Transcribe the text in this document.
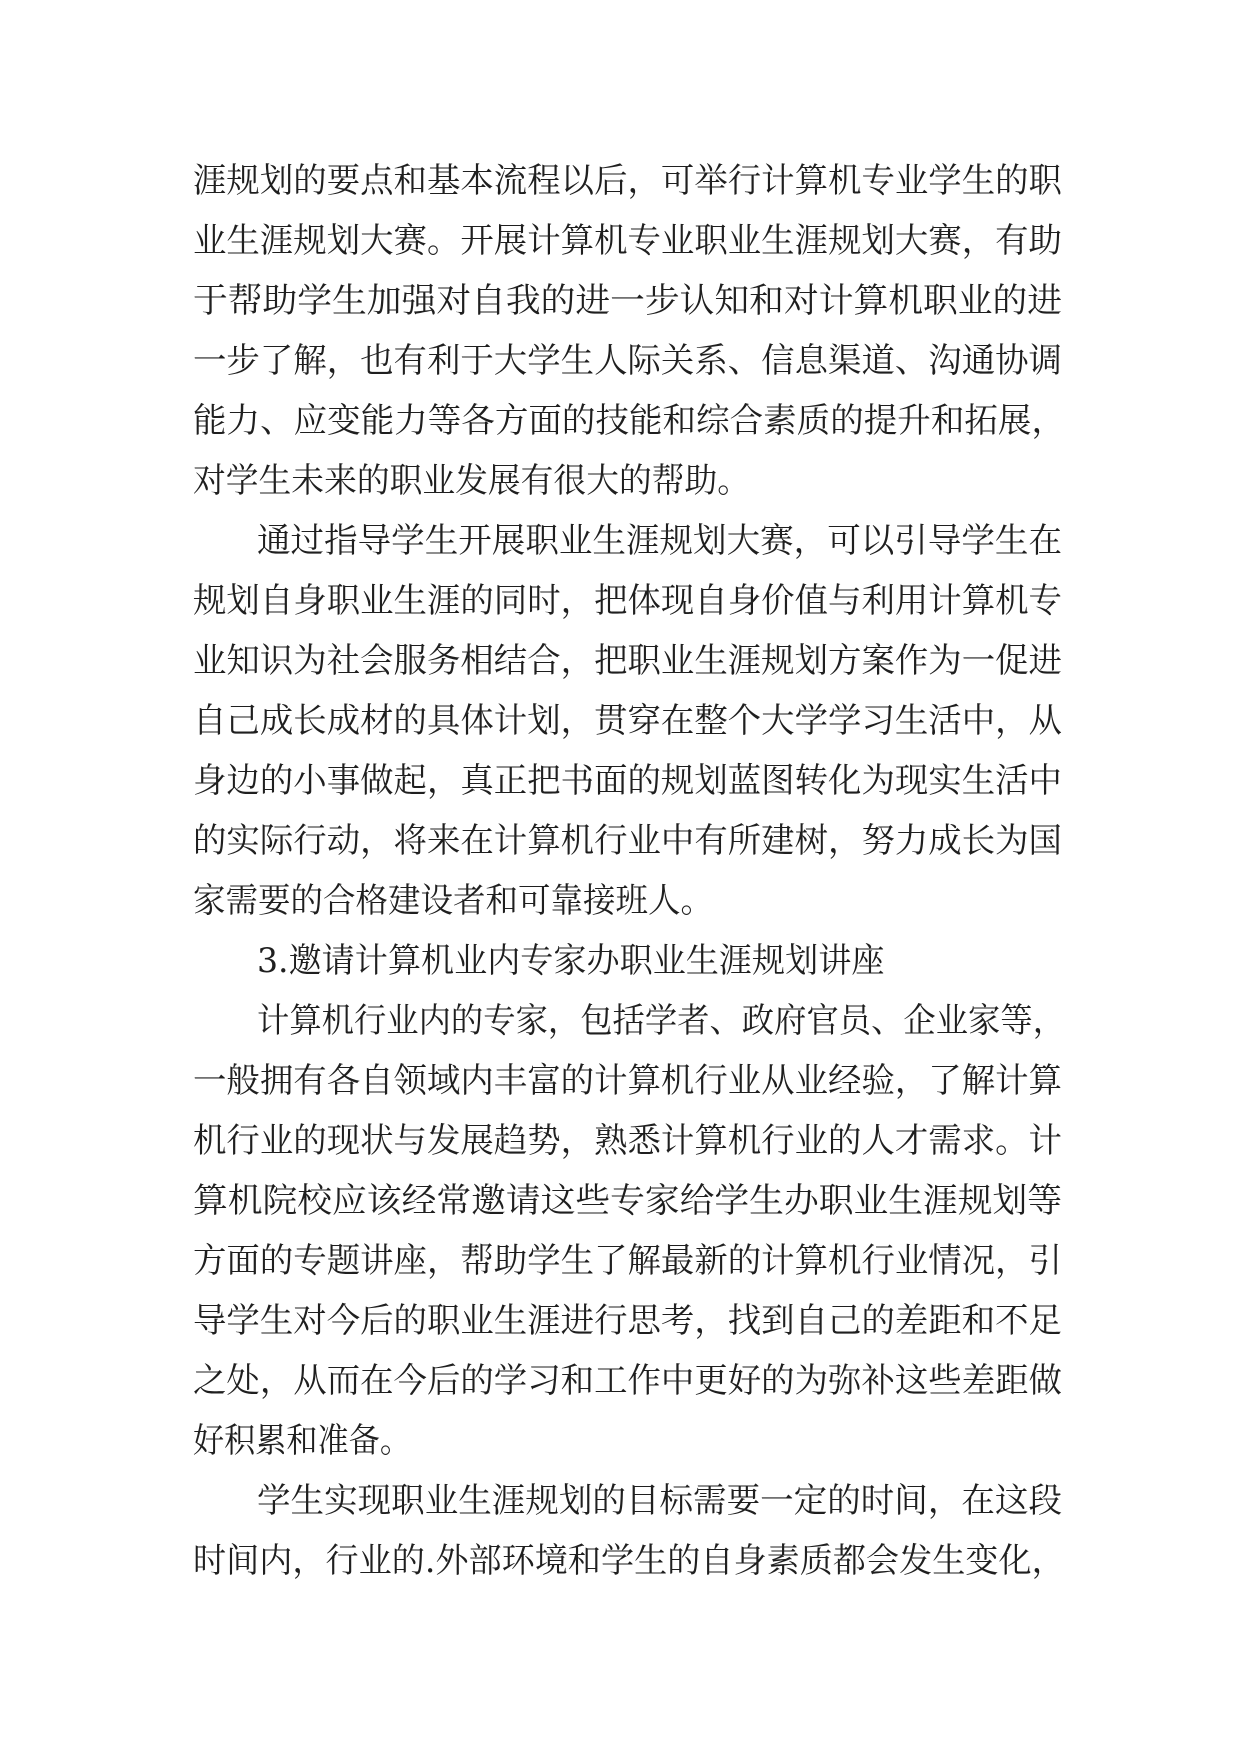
涯规划的要点和基本流程以后，可举行计算机专业学生的职

业生涯规划大赛。开展计算机专业职业生涯规划大赛，有助

于帮助学生加强对自我的进一步认知和对计算机职业的进

一步了解，也有利于大学生人际关系、信息渠道、沟通协调

能力、应变能力等各方面的技能和综合素质的提升和拓展，

对学生未来的职业发展有很大的帮助。

通过指导学生开展职业生涯规划大赛，可以引导学生在

规划自身职业生涯的同时，把体现自身价值与利用计算机专

业知识为社会服务相结合，把职业生涯规划方案作为一促进

自己成长成材的具体计划，贯穿在整个大学学习生活中，从

身边的小事做起，真正把书面的规划蓝图转化为现实生活中

的实际行动，将来在计算机行业中有所建树，努力成长为国

家需要的合格建设者和可靠接班人。

3.邀请计算机业内专家办职业生涯规划讲座

计算机行业内的专家，包括学者、政府官员、企业家等，

一般拥有各自领域内丰富的计算机行业从业经验，了解计算

机行业的现状与发展趋势，熟悉计算机行业的人才需求。计

算机院校应该经常邀请这些专家给学生办职业生涯规划等

方面的专题讲座，帮助学生了解最新的计算机行业情况，引

导学生对今后的职业生涯进行思考，找到自己的差距和不足

之处，从而在今后的学习和工作中更好的为弥补这些差距做

好积累和准备。

学生实现职业生涯规划的目标需要一定的时间，在这段

时间内，行业的.外部环境和学生的自身素质都会发生变化，
